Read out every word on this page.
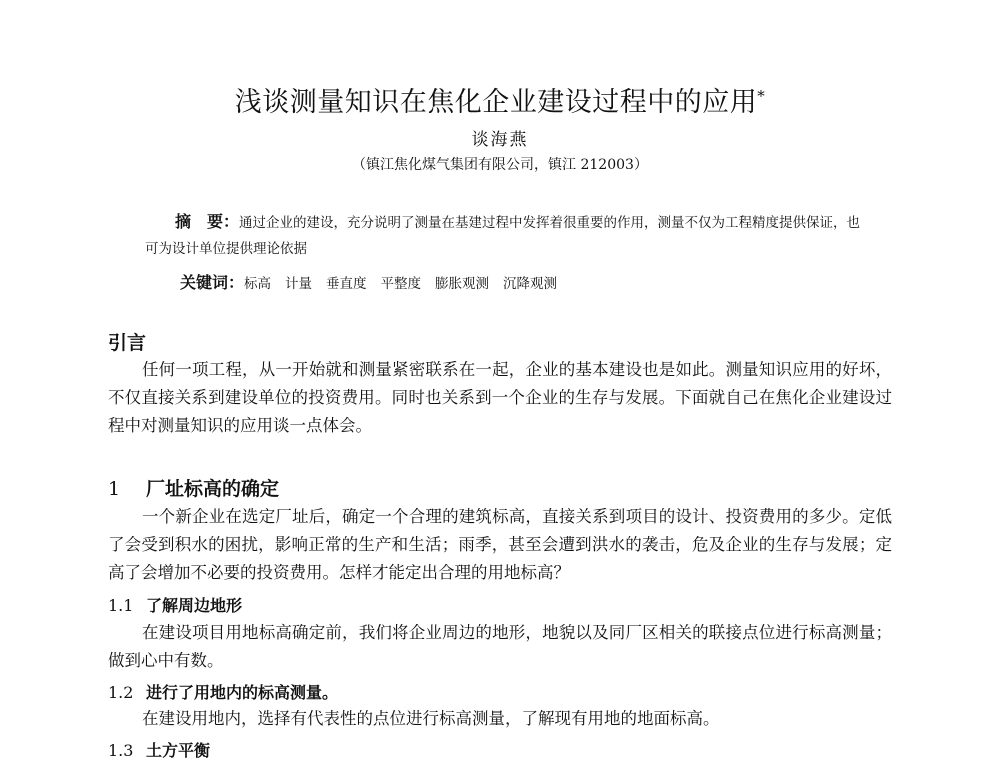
浅谈测量知识在焦化企业建设过程中的应用*
谈海燕
（镇江焦化煤气集团有限公司，镇江 212003）
摘　要：通过企业的建设，充分说明了测量在基建过程中发挥着很重要的作用，测量不仅为工程精度提供保证，也可为设计单位提供理论依据
关键词：标高 计量 垂直度 平整度 膨胀观测 沉降观测
引言
任何一项工程，从一开始就和测量紧密联系在一起，企业的基本建设也是如此。测量知识应用的好坏，不仅直接关系到建设单位的投资费用。同时也关系到一个企业的生存与发展。下面就自己在焦化企业建设过程中对测量知识的应用谈一点体会。
1 厂址标高的确定
一个新企业在选定厂址后，确定一个合理的建筑标高，直接关系到项目的设计、投资费用的多少。定低了会受到积水的困扰，影响正常的生产和生活；雨季，甚至会遭到洪水的袭击，危及企业的生存与发展；定高了会增加不必要的投资费用。怎样才能定出合理的用地标高？
1.1 了解周边地形
在建设项目用地标高确定前，我们将企业周边的地形，地貌以及同厂区相关的联接点位进行标高测量；做到心中有数。
1.2 进行了用地内的标高测量。
在建设用地内，选择有代表性的点位进行标高测量，了解现有用地的地面标高。
1.3 土方平衡
